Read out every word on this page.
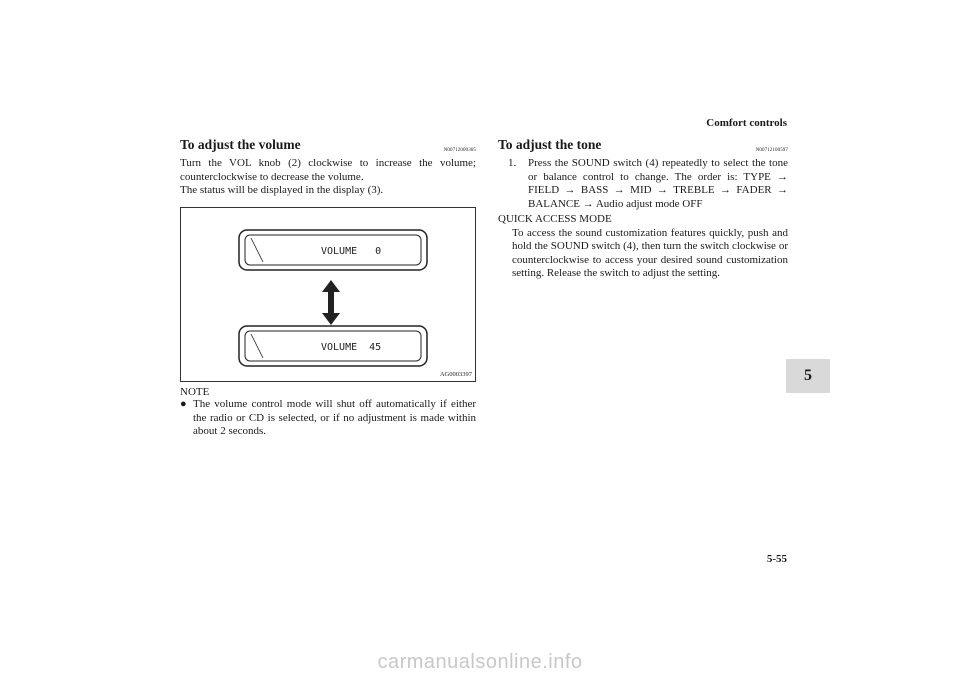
Comfort controls
To adjust the volume	N00712000365

Turn the VOL knob (2) clockwise to increase the volume; counterclockwise to decrease the volume.

The status will be displayed in the display (3).

VOLUME   0
VOLUME  45
AG0003397
NOTE
● The volume control mode will shut off automatically if either the radio or CD is selected, or if no adjustment is made within about 2 seconds.

To adjust the tone	N00712100597
1.	Press the SOUND switch (4) repeatedly to select the tone or balance control to change. The order is: TYPE → FIELD → BASS → MID → TREBLE → FADER → BALANCE → Audio adjust mode OFF

QUICK ACCESS MODE

To access the sound customization features quickly, push and hold the SOUND switch (4), then turn the switch clockwise or counterclockwise to access your desired sound customization setting. Release the switch to adjust the setting.

5
5-55
carmanualsonline.info
